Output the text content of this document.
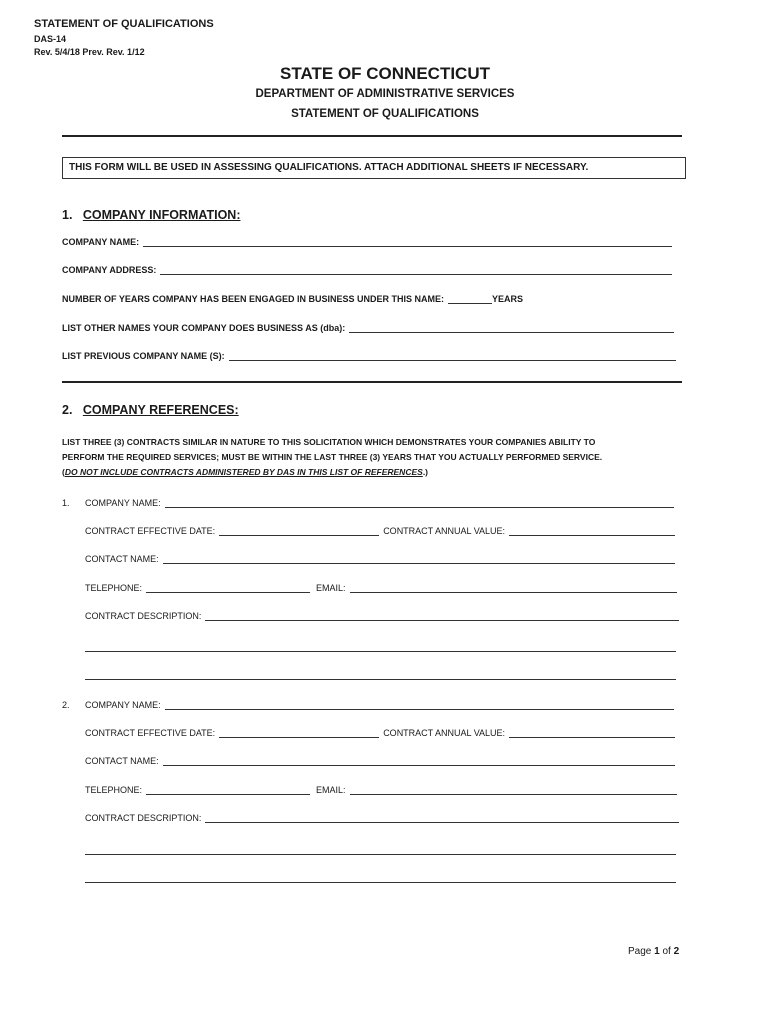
STATEMENT OF QUALIFICATIONS
DAS-14
Rev. 5/4/18 Prev. Rev. 1/12
STATE OF CONNECTICUT
DEPARTMENT OF ADMINISTRATIVE SERVICES
STATEMENT OF QUALIFICATIONS
THIS FORM WILL BE USED IN ASSESSING QUALIFICATIONS. ATTACH ADDITIONAL SHEETS IF NECESSARY.
1. COMPANY INFORMATION:
COMPANY NAME:
COMPANY ADDRESS:
NUMBER OF YEARS COMPANY HAS BEEN ENGAGED IN BUSINESS UNDER THIS NAME:	YEARS
LIST OTHER NAMES YOUR COMPANY DOES BUSINESS AS (dba):
LIST PREVIOUS COMPANY NAME (S):
2. COMPANY REFERENCES:
LIST THREE (3) CONTRACTS SIMILAR IN NATURE TO THIS SOLICITATION WHICH DEMONSTRATES YOUR COMPANIES ABILITY TO
PERFORM THE REQUIRED SERVICES; MUST BE WITHIN THE LAST THREE (3) YEARS THAT YOU ACTUALLY PERFORMED SERVICE.
(DO NOT INCLUDE CONTRACTS ADMINISTERED BY DAS IN THIS LIST OF REFERENCES.)
1. COMPANY NAME:
CONTRACT EFFECTIVE DATE:	CONTRACT ANNUAL VALUE:
CONTACT NAME:
TELEPHONE:	EMAIL:
CONTRACT DESCRIPTION:
2. COMPANY NAME:
CONTRACT EFFECTIVE DATE:	CONTRACT ANNUAL VALUE:
CONTACT NAME:
TELEPHONE:	EMAIL:
CONTRACT DESCRIPTION:
Page 1 of 2
